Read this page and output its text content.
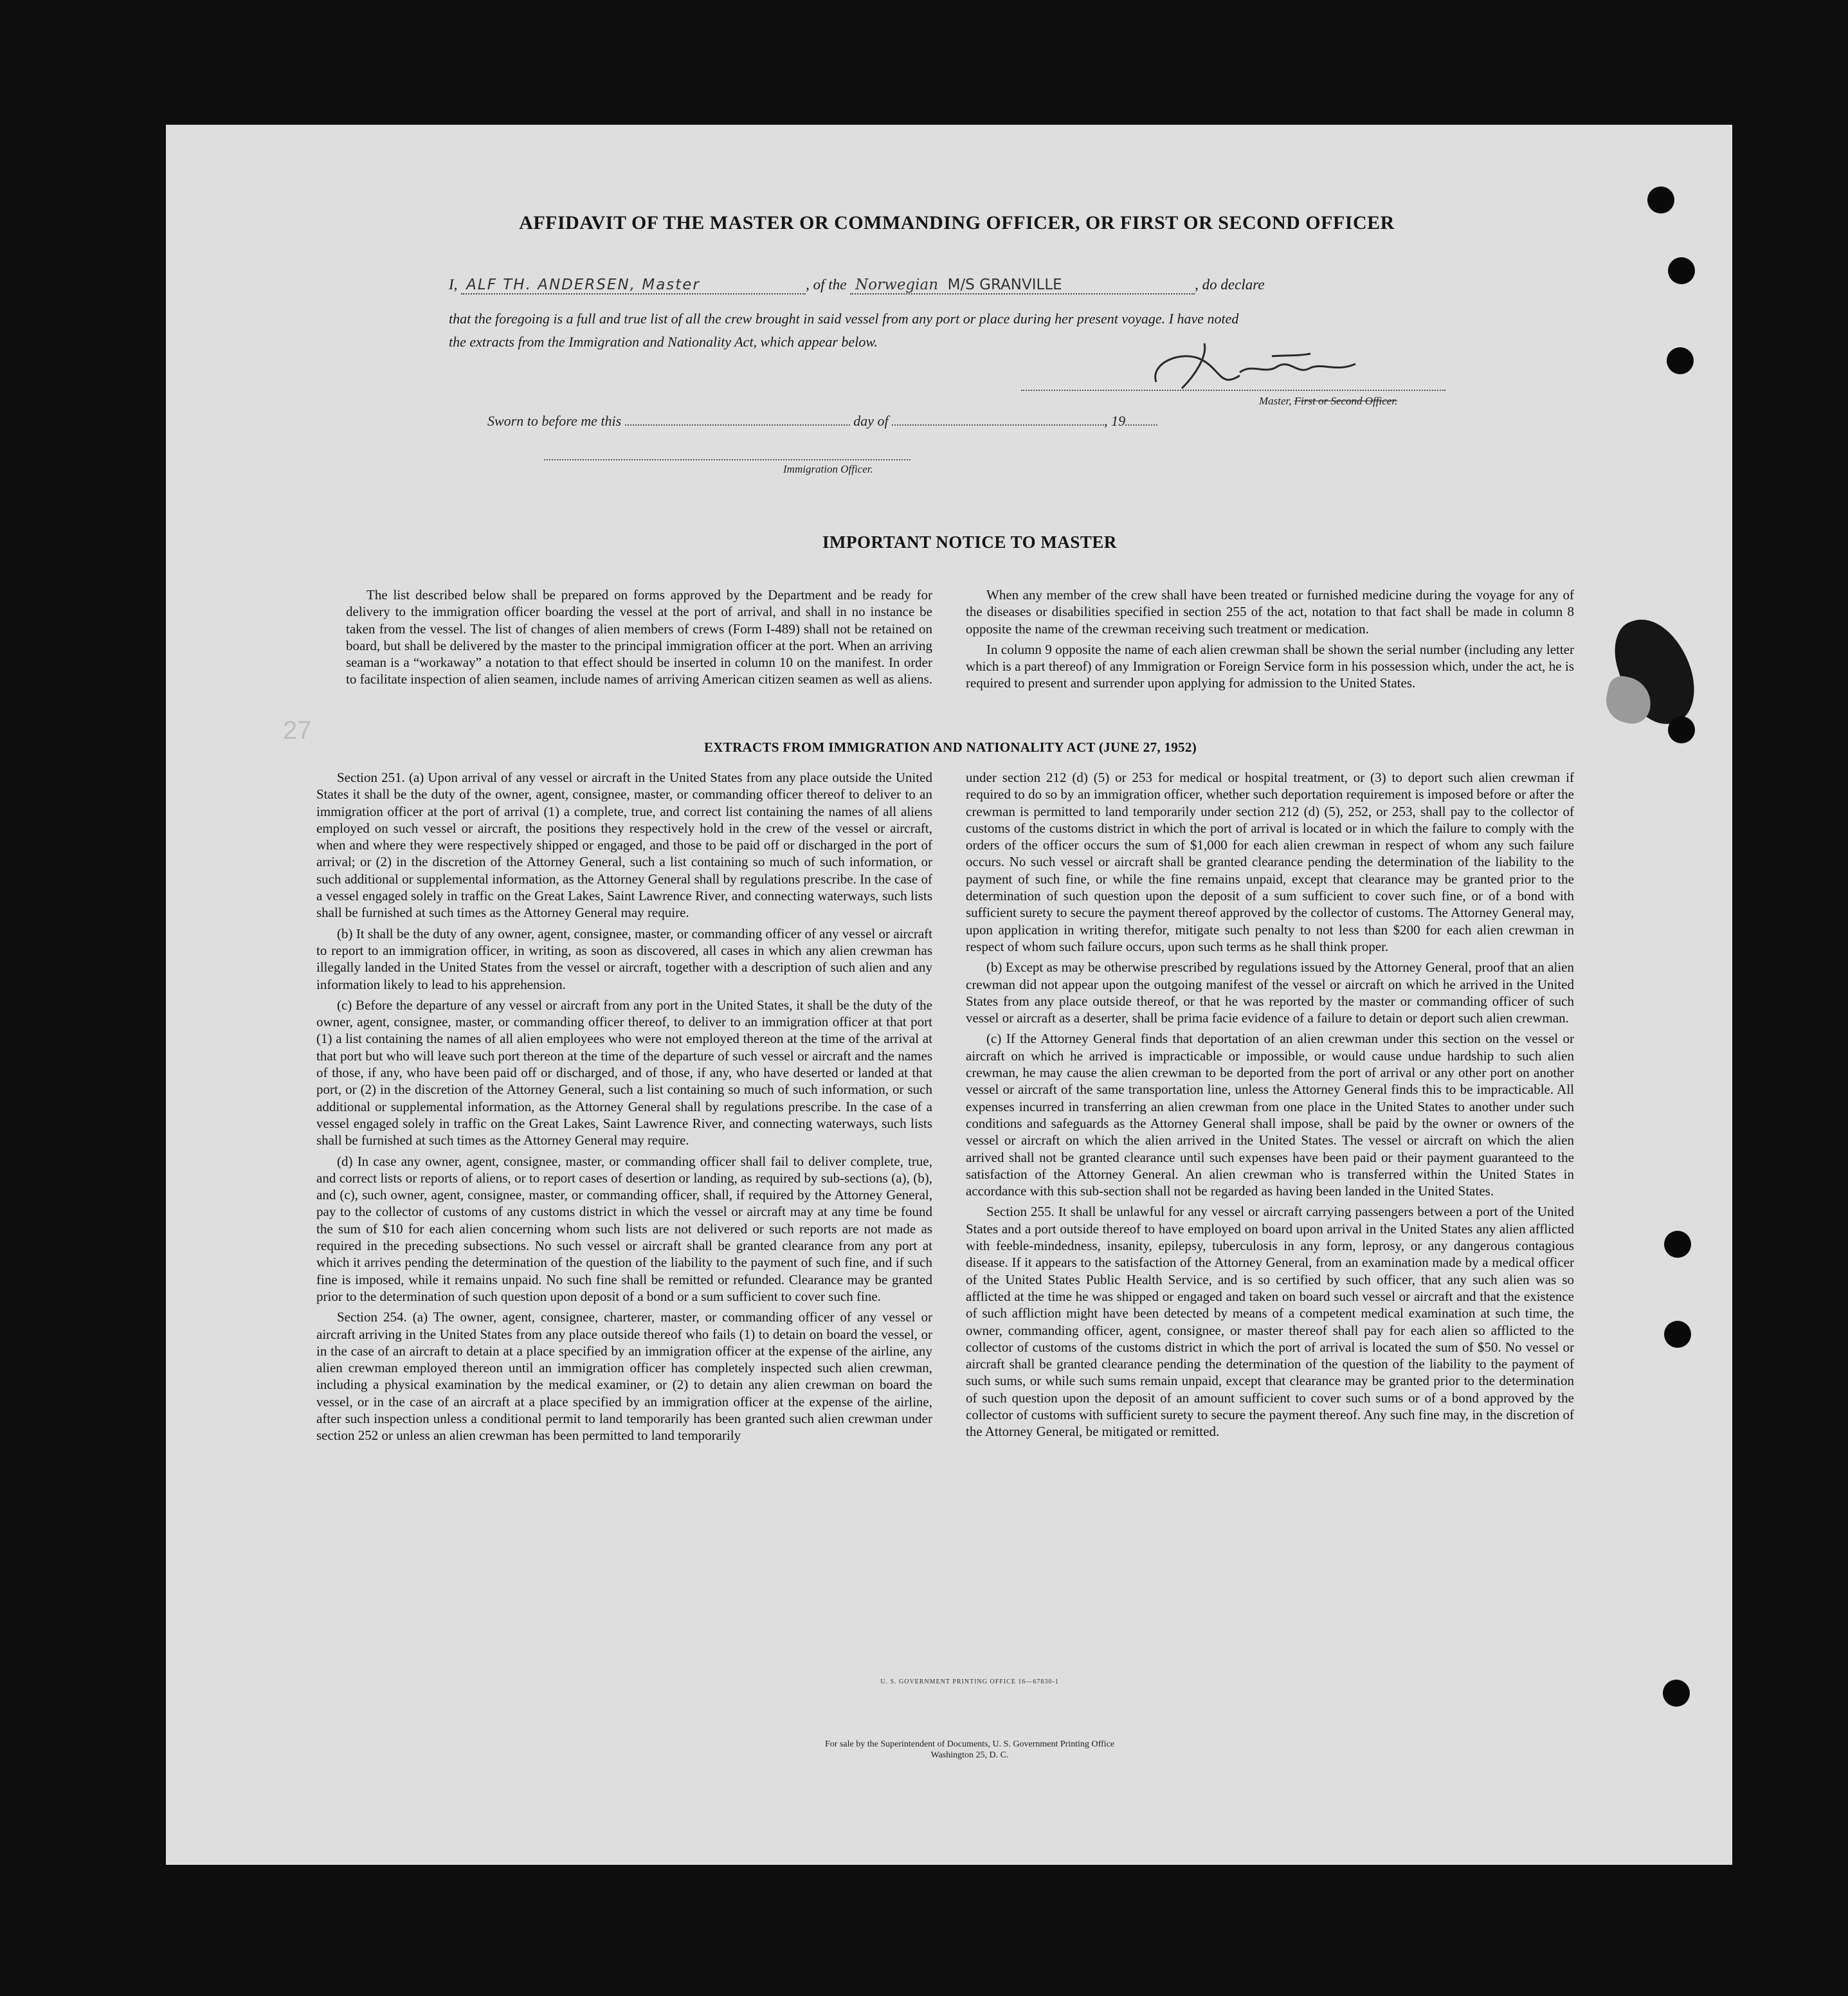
AFFIDAVIT OF THE MASTER OR COMMANDING OFFICER, OR FIRST OR SECOND OFFICER
I, ALF TH. ANDERSEN, Master	, of the Norwegian M/S GRANVILLE	, do declare
that the foregoing is a full and true list of all the crew brought in said vessel from any port or place during her present voyage. I have noted
the extracts from the Immigration and Nationality Act, which appear below.
Master, First or Second Officer.
Sworn to before me this	day of	, 19
Immigration Officer.
IMPORTANT NOTICE TO MASTER

The list described below shall be prepared on forms approved by the Department and be ready for delivery to the immigration officer boarding the vessel at the port of arrival, and shall in no instance be taken from the vessel. The list of changes of alien members of crews (Form I-489) shall not be retained on board, but shall be delivered by the master to the principal immigration officer at the port. When an arriving seaman is a “workaway” a notation to that effect should be inserted in column 10 on the manifest. In order to facilitate inspection of alien seamen, include names of arriving American citizen seamen as well as aliens.

When any member of the crew shall have been treated or furnished medicine during the voyage for any of the diseases or disabilities specified in section 255 of the act, notation to that fact shall be made in column 8 opposite the name of the crewman receiving such treatment or medication.

In column 9 opposite the name of each alien crewman shall be shown the serial number (including any letter which is a part thereof) of any Immigration or Foreign Service form in his possession which, under the act, he is required to present and surrender upon applying for admission to the United States.

EXTRACTS FROM IMMIGRATION AND NATIONALITY ACT (JUNE 27, 1952)

Section 251. (a) Upon arrival of any vessel or aircraft in the United States from any place outside the United States it shall be the duty of the owner, agent, consignee, master, or commanding officer thereof to deliver to an immigration officer at the port of arrival (1) a complete, true, and correct list containing the names of all aliens employed on such vessel or aircraft, the positions they respectively hold in the crew of the vessel or aircraft, when and where they were respectively shipped or engaged, and those to be paid off or discharged in the port of arrival; or (2) in the discretion of the Attorney General, such a list containing so much of such information, or such additional or supplemental information, as the Attorney General shall by regulations prescribe. In the case of a vessel engaged solely in traffic on the Great Lakes, Saint Lawrence River, and connecting waterways, such lists shall be furnished at such times as the Attorney General may require.

(b) It shall be the duty of any owner, agent, consignee, master, or commanding officer of any vessel or aircraft to report to an immigration officer, in writing, as soon as discovered, all cases in which any alien crewman has illegally landed in the United States from the vessel or aircraft, together with a description of such alien and any information likely to lead to his apprehension.

(c) Before the departure of any vessel or aircraft from any port in the United States, it shall be the duty of the owner, agent, consignee, master, or commanding officer thereof, to deliver to an immigration officer at that port (1) a list containing the names of all alien employees who were not employed thereon at the time of the arrival at that port but who will leave such port thereon at the time of the departure of such vessel or aircraft and the names of those, if any, who have been paid off or discharged, and of those, if any, who have deserted or landed at that port, or (2) in the discretion of the Attorney General, such a list containing so much of such information, or such additional or supplemental information, as the Attorney General shall by regulations prescribe. In the case of a vessel engaged solely in traffic on the Great Lakes, Saint Lawrence River, and connecting waterways, such lists shall be furnished at such times as the Attorney General may require.

(d) In case any owner, agent, consignee, master, or commanding officer shall fail to deliver complete, true, and correct lists or reports of aliens, or to report cases of desertion or landing, as required by sub-sections (a), (b), and (c), such owner, agent, consignee, master, or commanding officer, shall, if required by the Attorney General, pay to the collector of customs of any customs district in which the vessel or aircraft may at any time be found the sum of $10 for each alien concerning whom such lists are not delivered or such reports are not made as required in the preceding subsections. No such vessel or aircraft shall be granted clearance from any port at which it arrives pending the determination of the question of the liability to the payment of such fine, and if such fine is imposed, while it remains unpaid. No such fine shall be remitted or refunded. Clearance may be granted prior to the determination of such question upon deposit of a bond or a sum sufficient to cover such fine.

Section 254. (a) The owner, agent, consignee, charterer, master, or commanding officer of any vessel or aircraft arriving in the United States from any place outside thereof who fails (1) to detain on board the vessel, or in the case of an aircraft to detain at a place specified by an immigration officer at the expense of the airline, any alien crewman employed thereon until an immigration officer has completely inspected such alien crewman, including a physical examination by the medical examiner, or (2) to detain any alien crewman on board the vessel, or in the case of an aircraft at a place specified by an immigration officer at the expense of the airline, after such inspection unless a conditional permit to land temporarily has been granted such alien crewman under section 252 or unless an alien crewman has been permitted to land temporarily

under section 212 (d) (5) or 253 for medical or hospital treatment, or (3) to deport such alien crewman if required to do so by an immigration officer, whether such deportation requirement is imposed before or after the crewman is permitted to land temporarily under section 212 (d) (5), 252, or 253, shall pay to the collector of customs of the customs district in which the port of arrival is located or in which the failure to comply with the orders of the officer occurs the sum of $1,000 for each alien crewman in respect of whom any such failure occurs. No such vessel or aircraft shall be granted clearance pending the determination of the liability to the payment of such fine, or while the fine remains unpaid, except that clearance may be granted prior to the determination of such question upon the deposit of a sum sufficient to cover such fine, or of a bond with sufficient surety to secure the payment thereof approved by the collector of customs. The Attorney General may, upon application in writing therefor, mitigate such penalty to not less than $200 for each alien crewman in respect of whom such failure occurs, upon such terms as he shall think proper.

(b) Except as may be otherwise prescribed by regulations issued by the Attorney General, proof that an alien crewman did not appear upon the outgoing manifest of the vessel or aircraft on which he arrived in the United States from any place outside thereof, or that he was reported by the master or commanding officer of such vessel or aircraft as a deserter, shall be prima facie evidence of a failure to detain or deport such alien crewman.

(c) If the Attorney General finds that deportation of an alien crewman under this section on the vessel or aircraft on which he arrived is impracticable or impossible, or would cause undue hardship to such alien crewman, he may cause the alien crewman to be deported from the port of arrival or any other port on another vessel or aircraft of the same transportation line, unless the Attorney General finds this to be impracticable. All expenses incurred in transferring an alien crewman from one place in the United States to another under such conditions and safeguards as the Attorney General shall impose, shall be paid by the owner or owners of the vessel or aircraft on which the alien arrived in the United States. The vessel or aircraft on which the alien arrived shall not be granted clearance until such expenses have been paid or their payment guaranteed to the satisfaction of the Attorney General. An alien crewman who is transferred within the United States in accordance with this sub-section shall not be regarded as having been landed in the United States.

Section 255. It shall be unlawful for any vessel or aircraft carrying passengers between a port of the United States and a port outside thereof to have employed on board upon arrival in the United States any alien afflicted with feeble-mindedness, insanity, epilepsy, tuberculosis in any form, leprosy, or any dangerous contagious disease. If it appears to the satisfaction of the Attorney General, from an examination made by a medical officer of the United States Public Health Service, and is so certified by such officer, that any such alien was so afflicted at the time he was shipped or engaged and taken on board such vessel or aircraft and that the existence of such affliction might have been detected by means of a competent medical examination at such time, the owner, commanding officer, agent, consignee, or master thereof shall pay for each alien so afflicted to the collector of customs of the customs district in which the port of arrival is located the sum of $50. No vessel or aircraft shall be granted clearance pending the determination of the question of the liability to the payment of such sums, or while such sums remain unpaid, except that clearance may be granted prior to the determination of such question upon the deposit of an amount sufficient to cover such sums or of a bond approved by the collector of customs with sufficient surety to secure the payment thereof. Any such fine may, in the discretion of the Attorney General, be mitigated or remitted.

U. S. GOVERNMENT PRINTING OFFICE 16—67830-1
For sale by the Superintendent of Documents, U. S. Government Printing Office
Washington 25, D. C.
27
